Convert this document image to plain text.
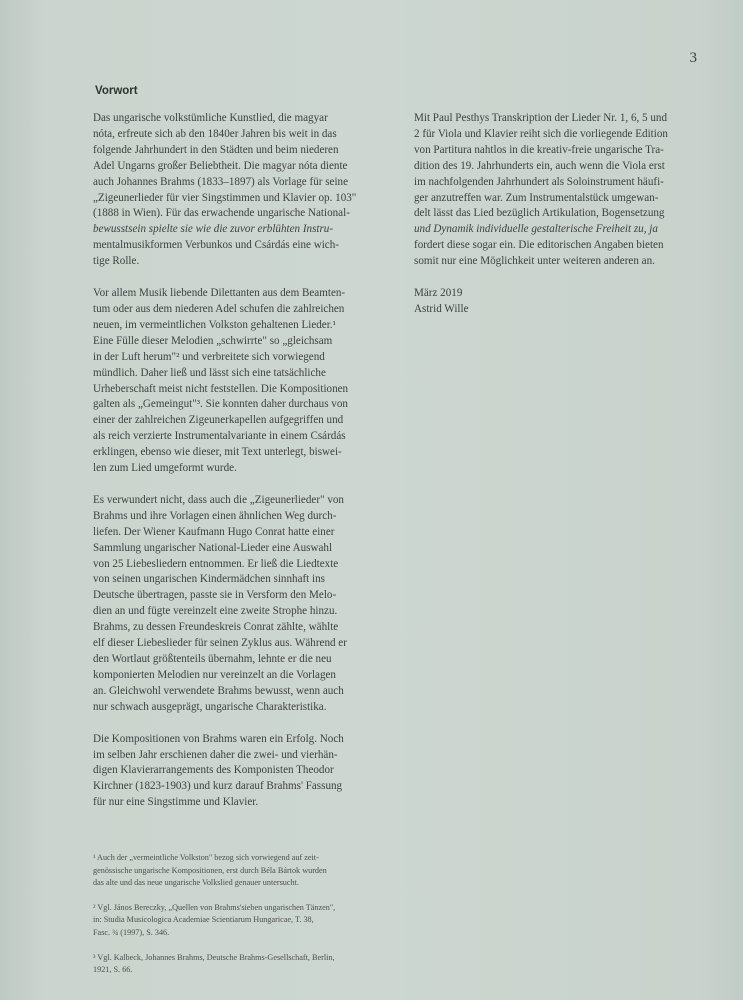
3
Vorwort
Das ungarische volkstümliche Kunstlied, die magyar
nóta, erfreute sich ab den 1840er Jahren bis weit in das
folgende Jahrhundert in den Städten und beim niederen
Adel Ungarns großer Beliebtheit. Die magyar nóta diente
auch Johannes Brahms (1833–1897) als Vorlage für seine
„Zigeunerlieder für vier Singstimmen und Klavier op. 103"
(1888 in Wien). Für das erwachende ungarische National-
bewusstsein spielte sie wie die zuvor erblühten Instru-
mentalmusikformen Verbunkos und Csárdás eine wich-
tige Rolle.
Vor allem Musik liebende Dilettanten aus dem Beamten-
tum oder aus dem niederen Adel schufen die zahlreichen
neuen, im vermeintlichen Volkston gehaltenen Lieder.¹
Eine Fülle dieser Melodien „schwirrte" so „gleichsam
in der Luft herum"² und verbreitete sich vorwiegend
mündlich. Daher ließ und lässt sich eine tatsächliche
Urheberschaft meist nicht feststellen. Die Kompositionen
galten als „Gemeingut"³. Sie konnten daher durchaus von
einer der zahlreichen Zigeunerkapellen aufgegriffen und
als reich verzierte Instrumentalvariante in einem Csárdás
erklingen, ebenso wie dieser, mit Text unterlegt, biswei-
len zum Lied umgeformt wurde.
Es verwundert nicht, dass auch die „Zigeunerlieder" von
Brahms und ihre Vorlagen einen ähnlichen Weg durch-
liefen. Der Wiener Kaufmann Hugo Conrat hatte einer
Sammlung ungarischer National-Lieder eine Auswahl
von 25 Liebesliedern entnommen. Er ließ die Liedtexte
von seinen ungarischen Kindermädchen sinnhaft ins
Deutsche übertragen, passte sie in Versform den Melo-
dien an und fügte vereinzelt eine zweite Strophe hinzu.
Brahms, zu dessen Freundeskreis Conrat zählte, wählte
elf dieser Liebeslieder für seinen Zyklus aus. Während er
den Wortlaut größtenteils übernahm, lehnte er die neu
komponierten Melodien nur vereinzelt an die Vorlagen
an. Gleichwohl verwendete Brahms bewusst, wenn auch
nur schwach ausgeprägt, ungarische Charakteristika.
Die Kompositionen von Brahms waren ein Erfolg. Noch
im selben Jahr erschienen daher die zwei- und vierhän-
digen Klavierarrangements des Komponisten Theodor
Kirchner (1823-1903) und kurz darauf Brahms' Fassung
für nur eine Singstimme und Klavier.
Mit Paul Pesthys Transkription der Lieder Nr. 1, 6, 5 und
2 für Viola und Klavier reiht sich die vorliegende Edition
von Partitura nahtlos in die kreativ-freie ungarische Tra-
dition des 19. Jahrhunderts ein, auch wenn die Viola erst
im nachfolgenden Jahrhundert als Soloinstrument häufi-
ger anzutreffen war. Zum Instrumentalstück umgewan-
delt lässt das Lied bezüglich Artikulation, Bogensetzung
und Dynamik individuelle gestalterische Freiheit zu, ja
fordert diese sogar ein. Die editorischen Angaben bieten
somit nur eine Möglichkeit unter weiteren anderen an.
März 2019
Astrid Wille
¹ Auch der „vermeintliche Volkston" bezog sich vorwiegend auf zeit-
genössische ungarische Kompositionen, erst durch Béla Bártok wurden
das alte und das neue ungarische Volkslied genauer untersucht.
² Vgl. János Bereczky, „Quellen von Brahms'sieben ungarischen Tänzen",
in: Studia Musicologica Academiae Scientiarum Hungaricae, T. 38,
Fasc. ¾ (1997), S. 346.
³ Vgl. Kalbeck, Johannes Brahms, Deutsche Brahms-Gesellschaft, Berlin,
1921, S. 66.
